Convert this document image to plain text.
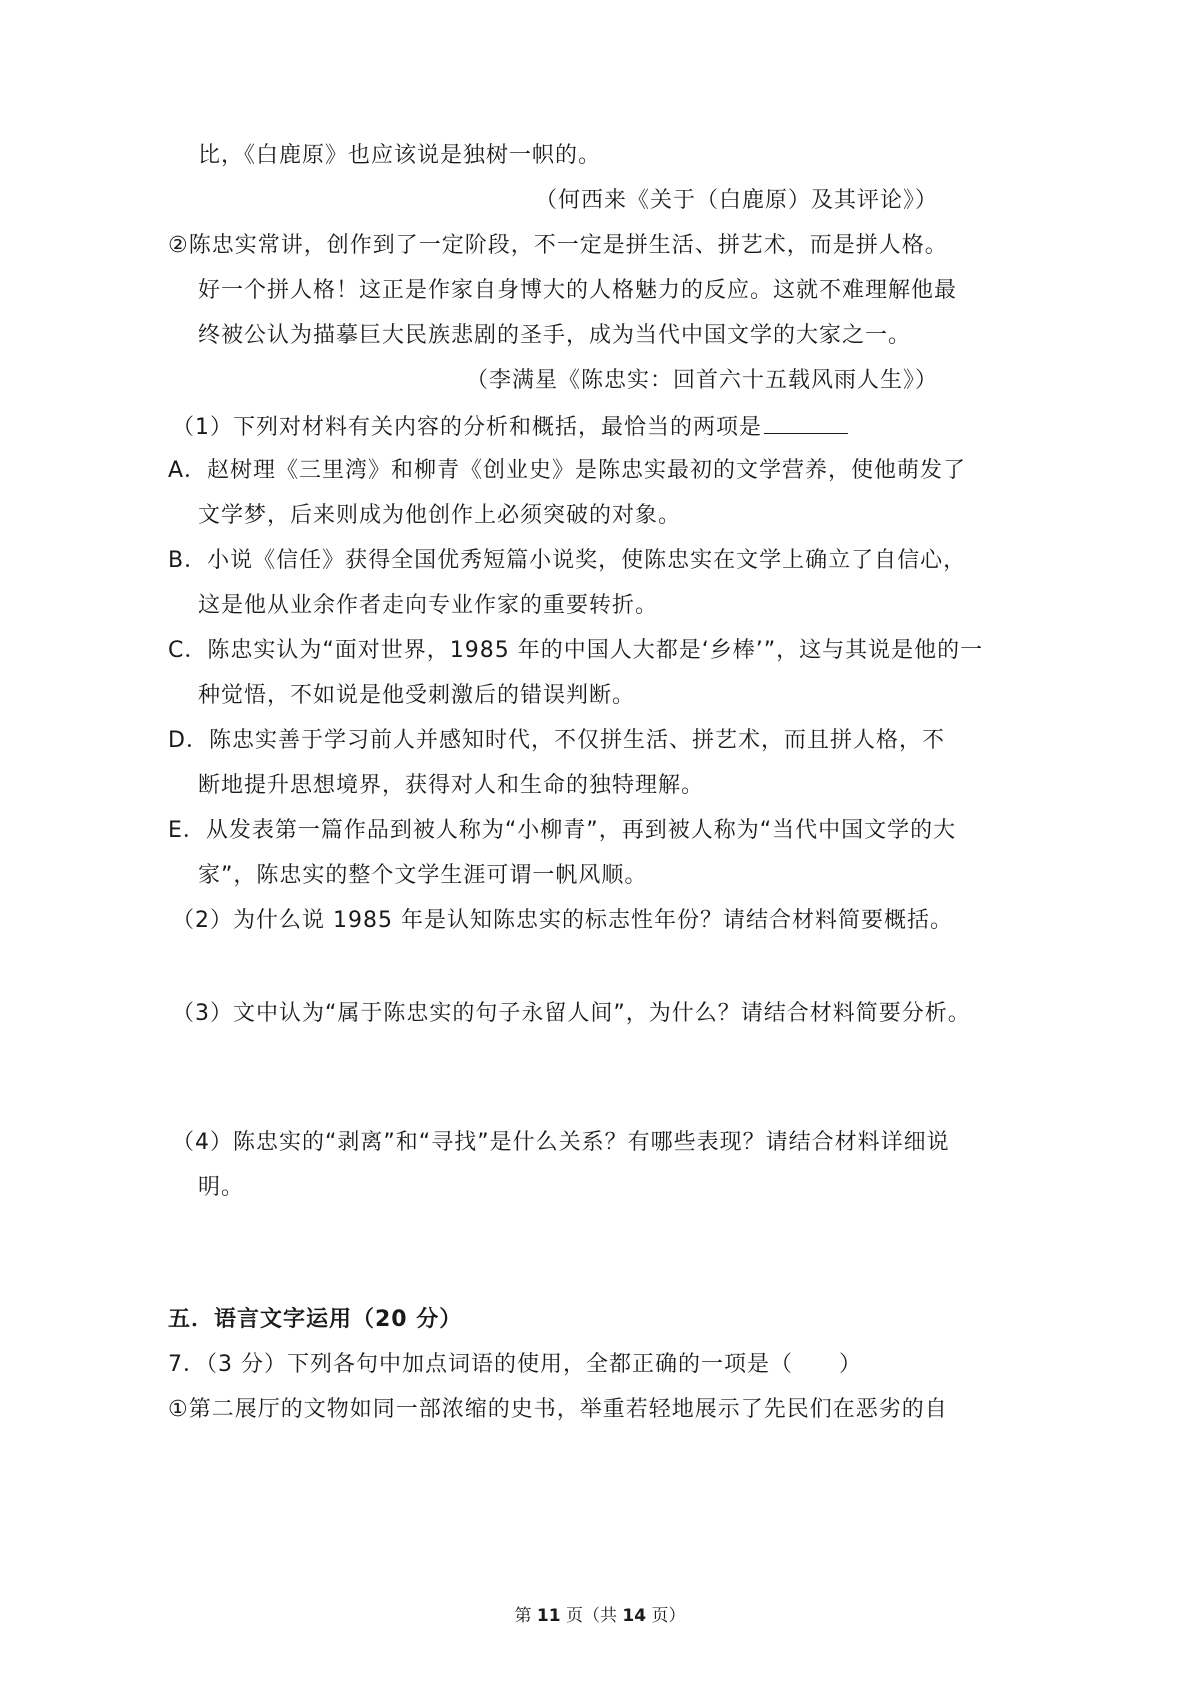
比，《白鹿原》也应该说是独树一帜的。
（何西来《关于（白鹿原）及其评论》）
②陈忠实常讲，创作到了一定阶段，不一定是拼生活、拼艺术，而是拼人格。
好一个拼人格！这正是作家自身博大的人格魅力的反应。这就不难理解他最
终被公认为描摹巨大民族悲剧的圣手，成为当代中国文学的大家之一。
（李满星《陈忠实：回首六十五载风雨人生》）
（1）下列对材料有关内容的分析和概括，最恰当的两项是
A．赵树理《三里湾》和柳青《创业史》是陈忠实最初的文学营养，使他萌发了
文学梦，后来则成为他创作上必须突破的对象。
B．小说《信任》获得全国优秀短篇小说奖，使陈忠实在文学上确立了自信心，
这是他从业余作者走向专业作家的重要转折。
C．陈忠实认为“面对世界，1985 年的中国人大都是‘乡棒’”，这与其说是他的一
种觉悟，不如说是他受刺激后的错误判断。
D．陈忠实善于学习前人并感知时代，不仅拼生活、拼艺术，而且拼人格，不
断地提升思想境界，获得对人和生命的独特理解。
E．从发表第一篇作品到被人称为“小柳青”，再到被人称为“当代中国文学的大
家”，陈忠实的整个文学生涯可谓一帆风顺。
（2）为什么说 1985 年是认知陈忠实的标志性年份？请结合材料简要概括。
（3）文中认为“属于陈忠实的句子永留人间”，为什么？请结合材料简要分析。
（4）陈忠实的“剥离”和“寻找”是什么关系？有哪些表现？请结合材料详细说
明。
五．语言文字运用（20 分）
7．（3 分）下列各句中加点词语的使用，全都正确的一项是（　　）
①第二展厅的文物如同一部浓缩的史书，举重若轻地展示了先民们在恶劣的自
第 11 页（共 14 页）
